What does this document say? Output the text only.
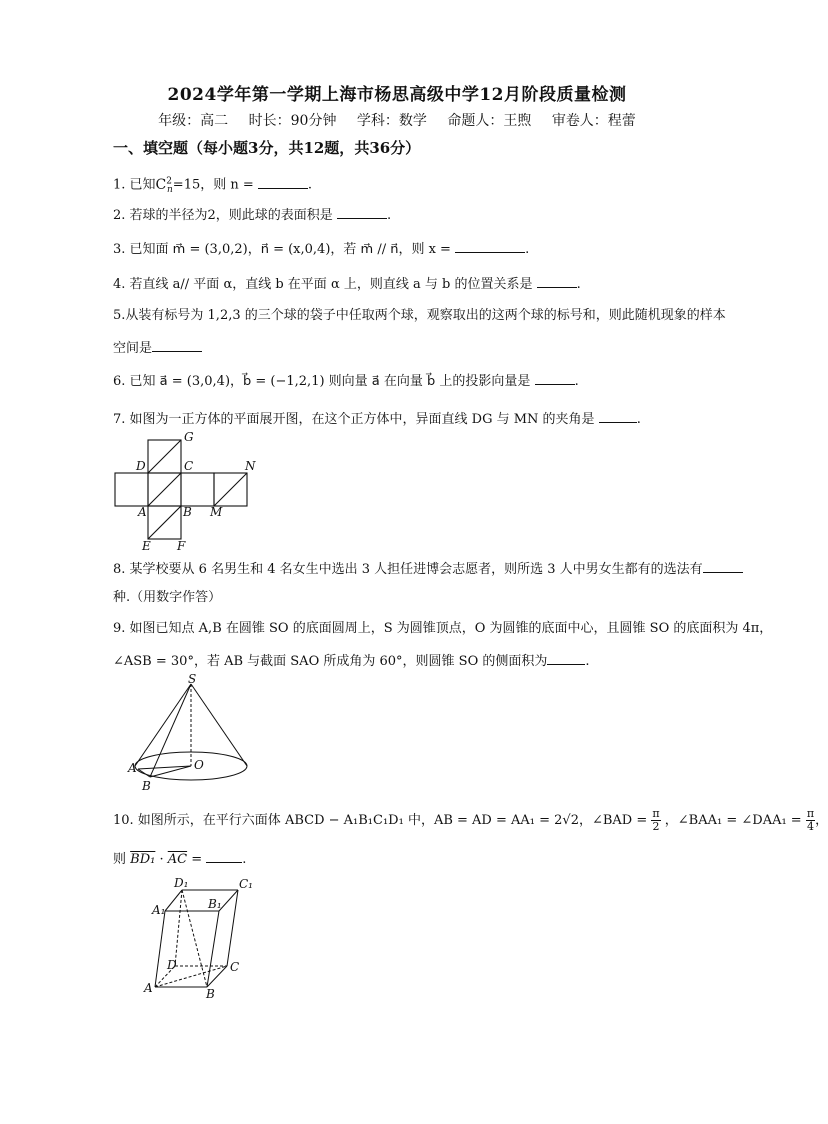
2024学年第一学期上海市杨思高级中学12月阶段质量检测
年级：高二 时长：90分钟 学科：数学 命题人：王煦 审卷人：程蕾
一、填空题（每小题3分，共12题，共36分）
1. 已知$C^2_n=15$，则 n =	.
2. 若球的半径为2，则此球的表面积是	.
3. 已知面 m⃗ = (3,0,2)，n⃗ = (x,0,4)，若 m⃗ // n⃗，则 x =	.
4. 若直线 a// 平面 α，直线 b 在平面 α 上，则直线 a 与 b 的位置关系是	.
5.从装有标号为 1,2,3 的三个球的袋子中任取两个球，观察取出的这两个球的标号和，则此随机现象的样本
空间是
6. 已知 a⃗ = (3,0,4)，b⃗ = (−1,2,1) 则向量 a⃗ 在向量 b⃗ 上的投影向量是	.
7. 如图为一正方体的平面展开图，在这个正方体中，异面直线 DG 与 MN 的夹角是	.
G
D	C	N
A	B M
E F
8. 某学校要从 6 名男生和 4 名女生中选出 3 人担任进博会志愿者，则所选 3 人中男女生都有的选法有
种.（用数字作答）
9. 如图已知点 A,B 在圆锥 SO 的底面圆周上，S 为圆锥顶点，O 为圆锥的底面中心，且圆锥 SO 的底面积为 4π，
∠ASB = 30°，若 AB 与截面 SAO 所成角为 60°，则圆锥 SO 的侧面积为	.
S
A	O
B
10. 如图所示，在平行六面体 ABCD − A₁B₁C₁D₁ 中，AB = AD = AA₁ = 2√2，∠BAD = $\frac{\pi}{2}$ ，∠BAA₁ = ∠DAA₁ = $\frac{\pi}{4}$ ，
则 $BD_1 \cdot \overline{AC}$ =	.
D₁	C₁
A₁	B₁
D	C
A	B
